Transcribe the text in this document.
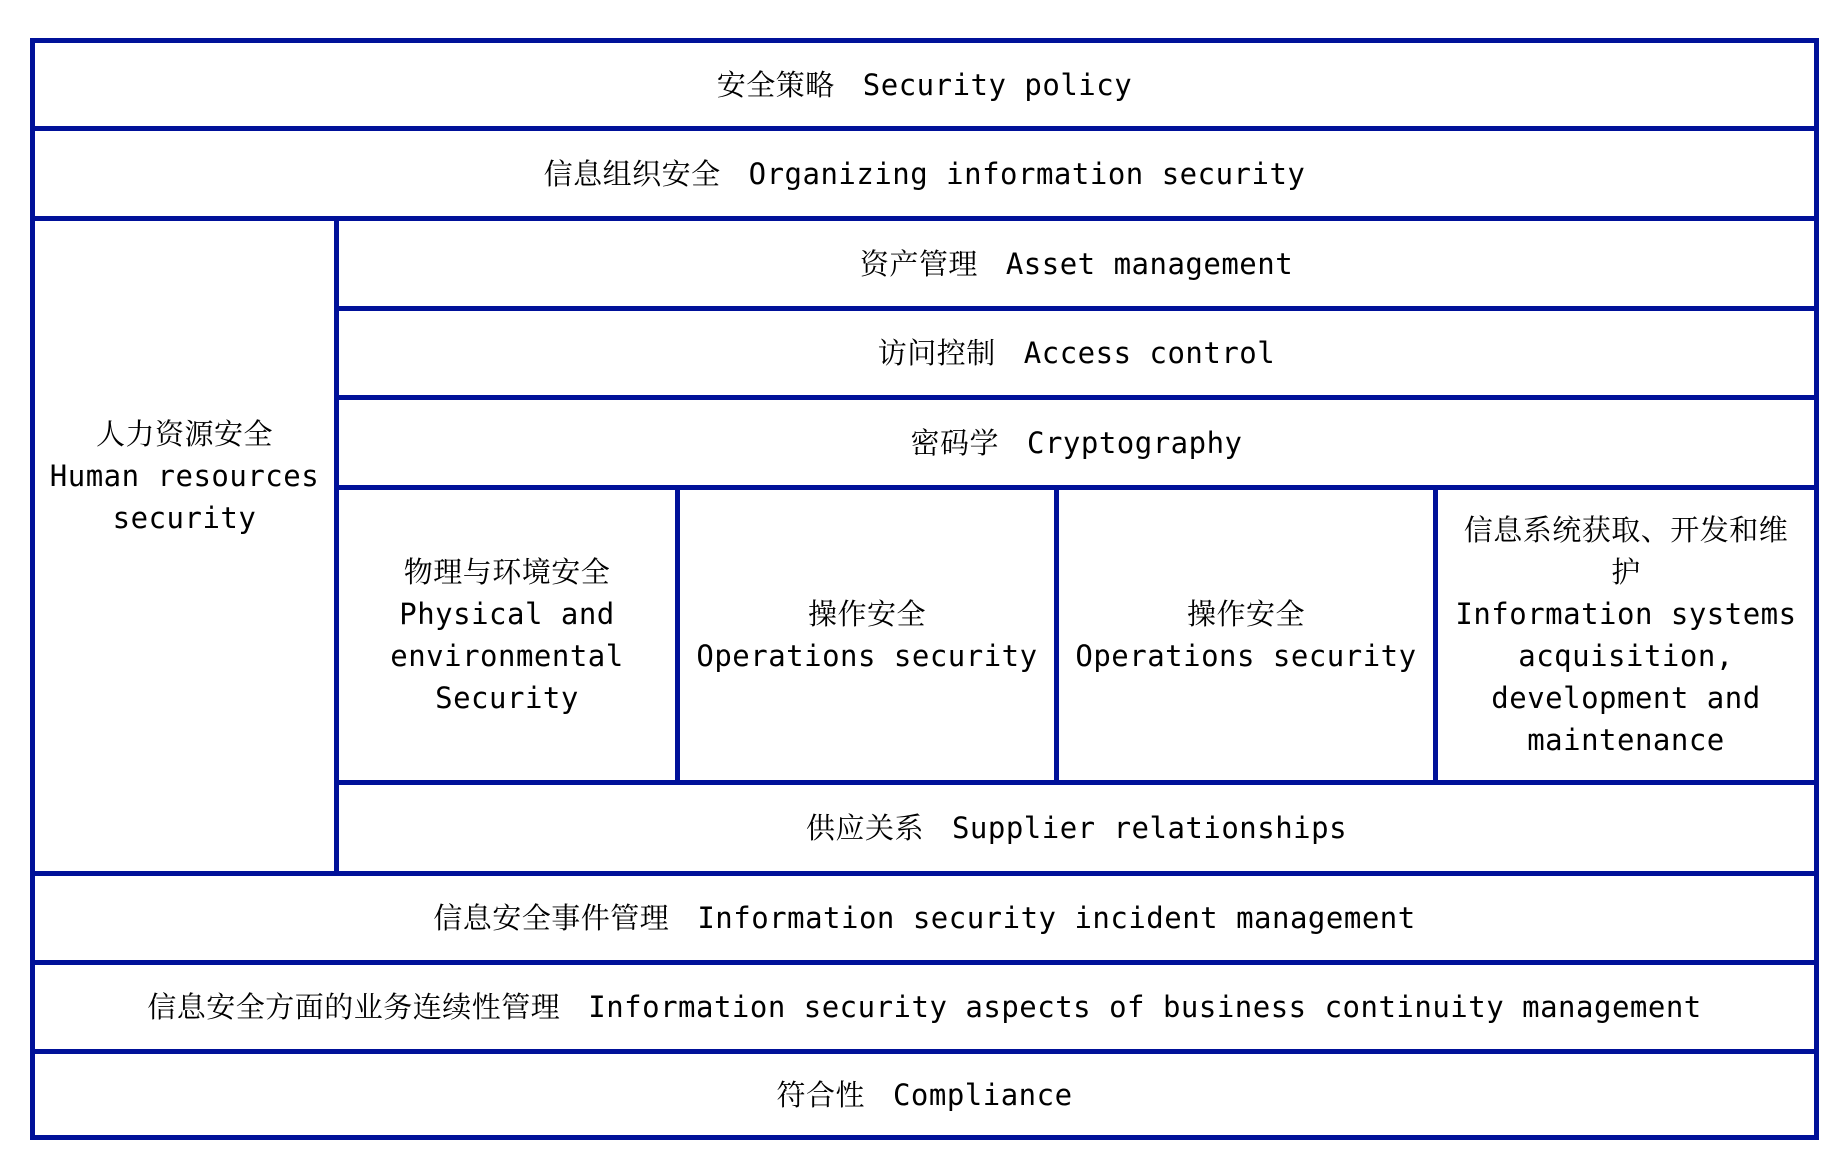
安全策略 Security policy
信息组织安全 Organizing information security
人力资源安全
Human resources
security
资产管理 Asset management
访问控制 Access control
密码学 Cryptography
物理与环境安全
Physical and
environmental
Security
操作安全
Operations security
操作安全
Operations security
信息系统获取、开发和维
护
Information systems
acquisition,
development and
maintenance
供应关系 Supplier relationships
信息安全事件管理 Information security incident management
信息安全方面的业务连续性管理 Information security aspects of business continuity management
符合性 Compliance
